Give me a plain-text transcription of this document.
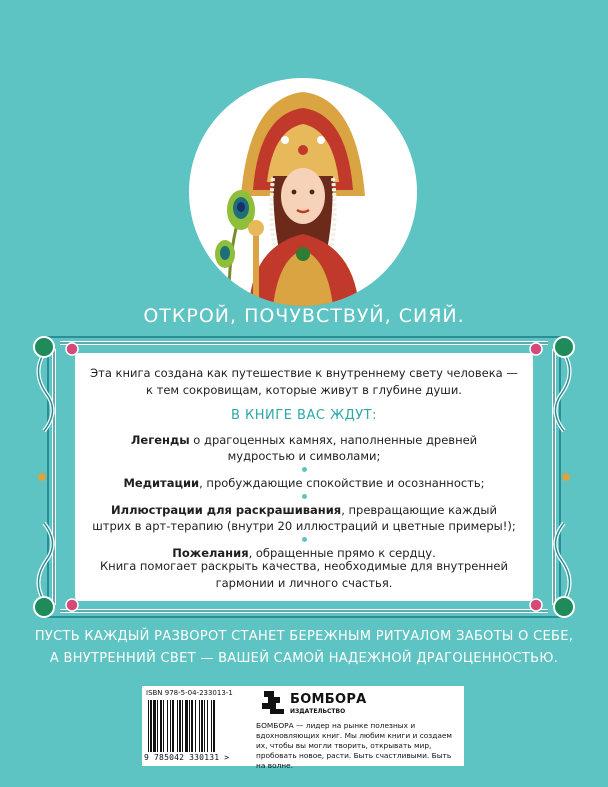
ОТКРОЙ, ПОЧУВСТВУЙ, СИЯЙ.
Эта книга создана как путешествие к внутреннему свету человека —
к тем сокровищам, которые живут в глубине души.
В КНИГЕ ВАС ЖДУТ:
Легенды о драгоценных камнях, наполненные древней
мудростью и символами;
Медитации, пробуждающие спокойствие и осознанность;
Иллюстрации для раскрашивания, превращающие каждый
штрих в арт-терапию (внутри 20 иллюстраций и цветные примеры!);
Пожелания, обращенные прямо к сердцу.
Книга помогает раскрыть качества, необходимые для внутренней
гармонии и личного счастья.
ПУСТЬ КАЖДЫЙ РАЗВОРОТ СТАНЕТ БЕРЕЖНЫМ РИТУАЛОМ ЗАБОТЫ О СЕБЕ,
А ВНУТРЕННИЙ СВЕТ — ВАШЕЙ САМОЙ НАДЕЖНОЙ ДРАГОЦЕННОСТЬЮ.
ISBN 978-5-04-233013-1
9 785042 330131 >
БОМБОРА
ИЗДАТЕЛЬСТВО
БОМБОРА — лидер на рынке полезных и вдохновляющих книг. Мы любим книги и создаем их, чтобы вы могли творить, открывать мир, пробовать новое, расти. Быть счастливыми. Быть на волне.
